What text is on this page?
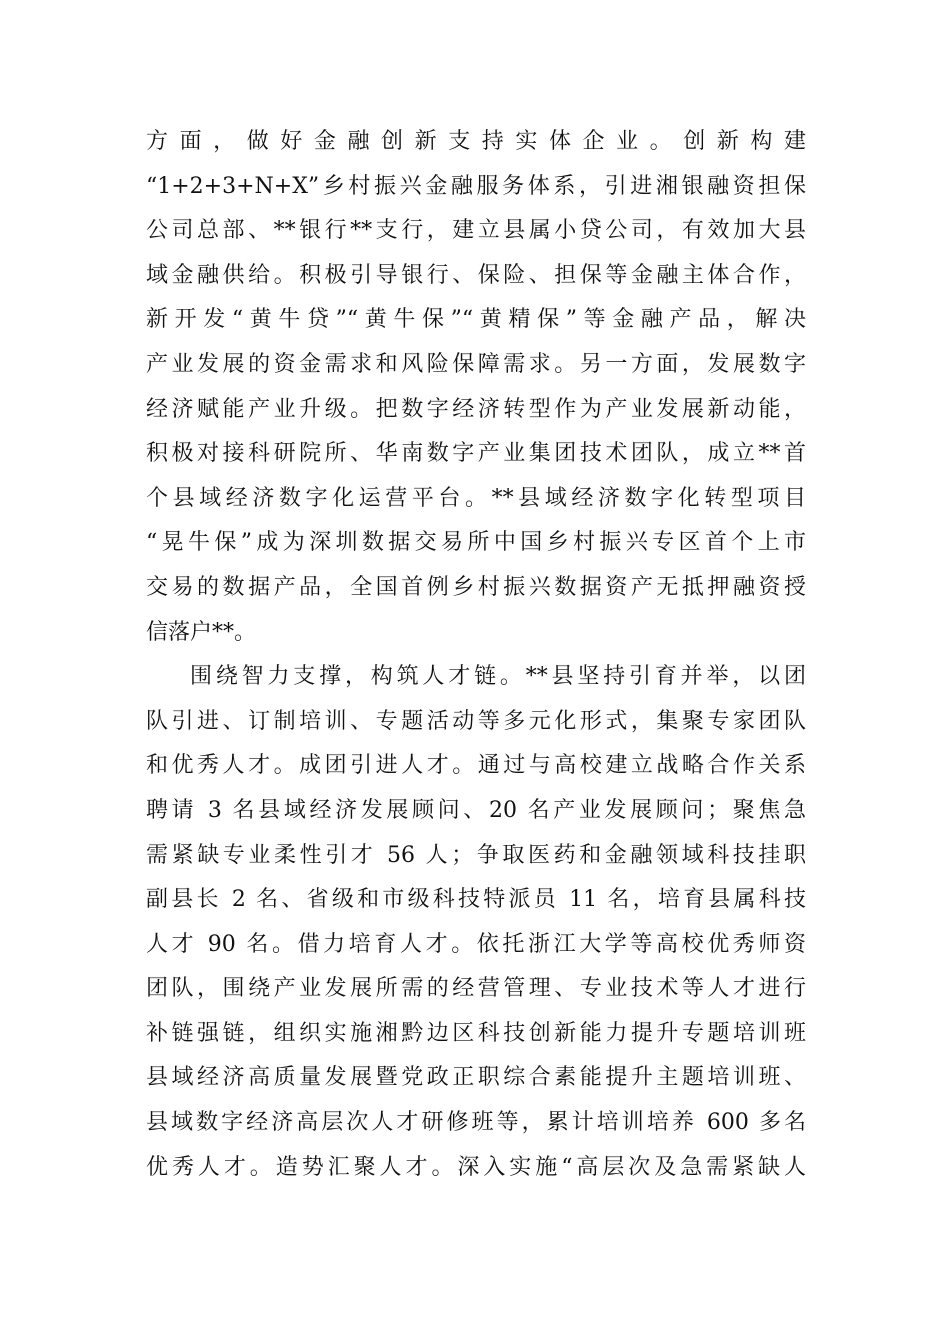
方面，做好金融创新支持实体企业。创新构建
“1+2+3+N+X”乡村振兴金融服务体系，引进湘银融资担保
公司总部、**银行**支行，建立县属小贷公司，有效加大县
域金融供给。积极引导银行、保险、担保等金融主体合作，
新开发“黄牛贷”“黄牛保”“黄精保”等金融产品，解决
产业发展的资金需求和风险保障需求。另一方面，发展数字
经济赋能产业升级。把数字经济转型作为产业发展新动能，
积极对接科研院所、华南数字产业集团技术团队，成立**首
个县域经济数字化运营平台。**县域经济数字化转型项目
“晃牛保”成为深圳数据交易所中国乡村振兴专区首个上市
交易的数据产品，全国首例乡村振兴数据资产无抵押融资授
信落户**。
围绕智力支撑，构筑人才链。**县坚持引育并举，以团
队引进、订制培训、专题活动等多元化形式，集聚专家团队
和优秀人才。成团引进人才。通过与高校建立战略合作关系
聘请 3 名县域经济发展顾问、20 名产业发展顾问；聚焦急
需紧缺专业柔性引才 56 人；争取医药和金融领域科技挂职
副县长 2 名、省级和市级科技特派员 11 名，培育县属科技
人才 90 名。借力培育人才。依托浙江大学等高校优秀师资
团队，围绕产业发展所需的经营管理、专业技术等人才进行
补链强链，组织实施湘黔边区科技创新能力提升专题培训班
县域经济高质量发展暨党政正职综合素能提升主题培训班、
县域数字经济高层次人才研修班等，累计培训培养 600 多名
优秀人才。造势汇聚人才。深入实施“高层次及急需紧缺人
